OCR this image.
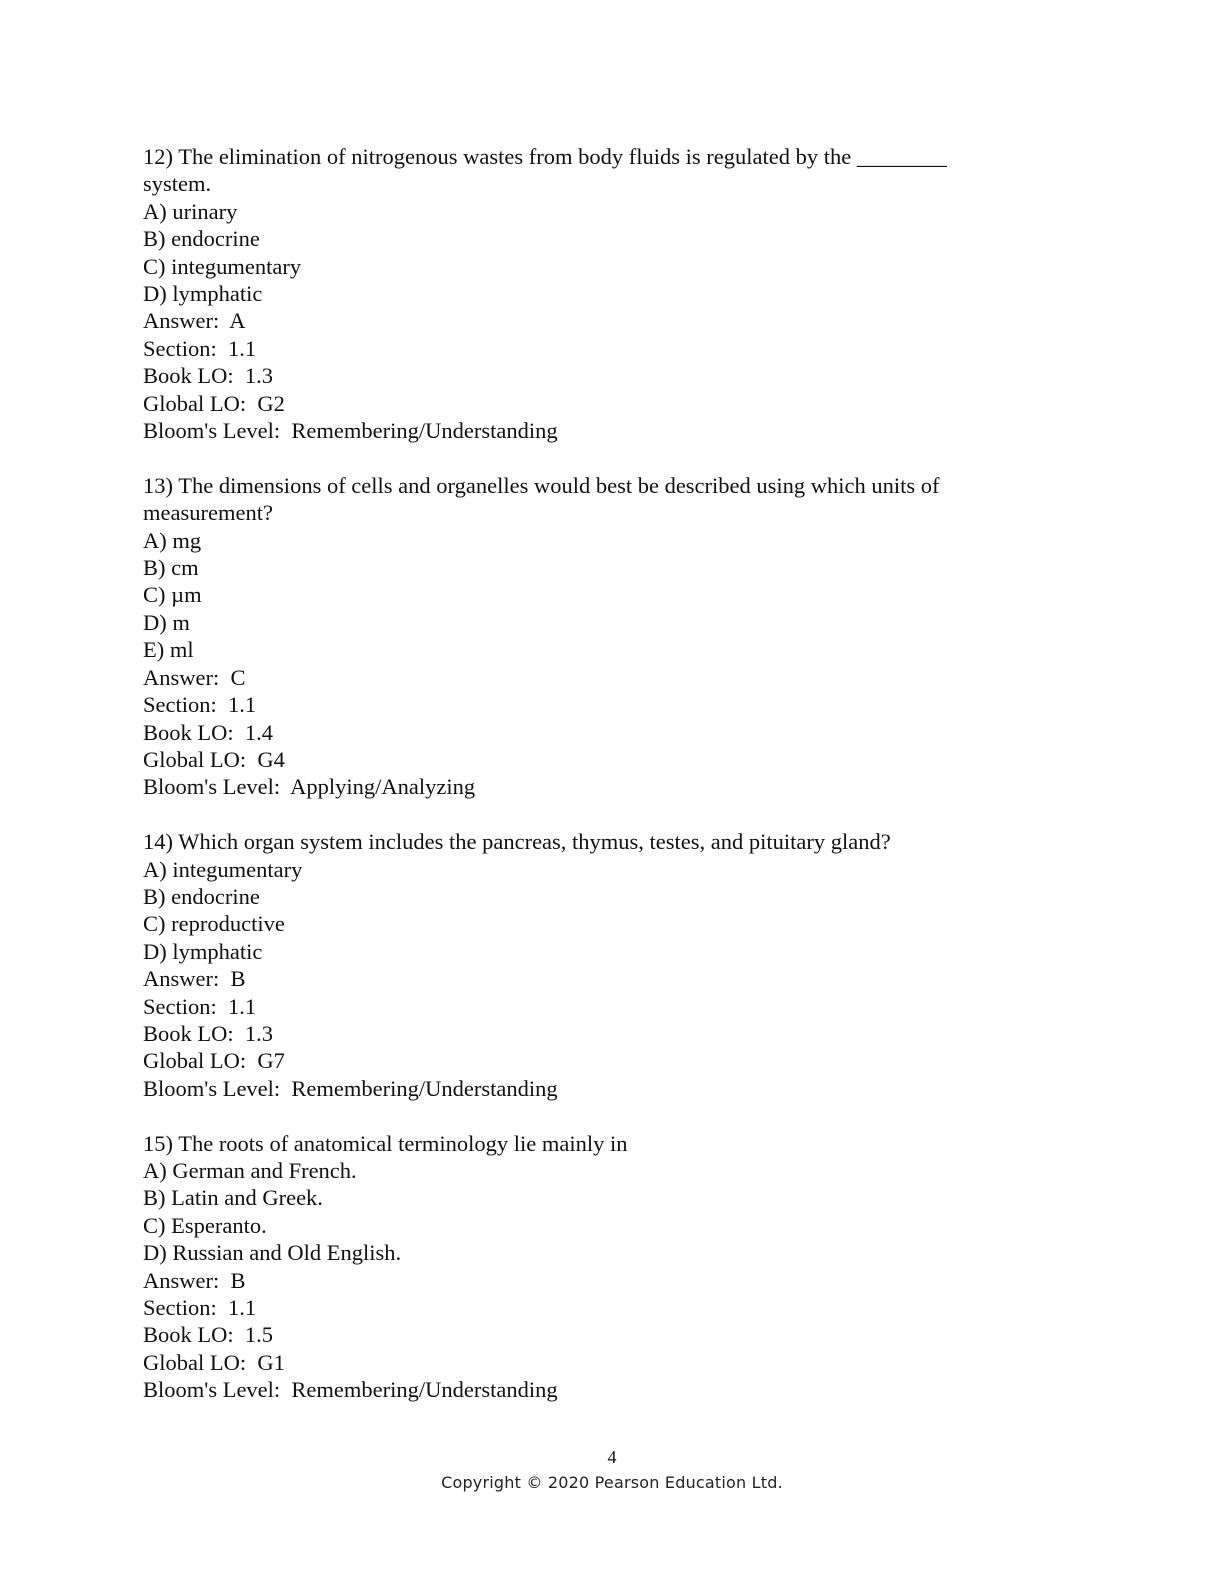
12) The elimination of nitrogenous wastes from body fluids is regulated by the ________
system.
A) urinary
B) endocrine
C) integumentary
D) lymphatic
Answer:  A
Section:  1.1
Book LO:  1.3
Global LO:  G2
Bloom's Level:  Remembering/Understanding
13) The dimensions of cells and organelles would best be described using which units of
measurement?
A) mg
B) cm
C) µm
D) m
E) ml
Answer:  C
Section:  1.1
Book LO:  1.4
Global LO:  G4
Bloom's Level:  Applying/Analyzing
14) Which organ system includes the pancreas, thymus, testes, and pituitary gland?
A) integumentary
B) endocrine
C) reproductive
D) lymphatic
Answer:  B
Section:  1.1
Book LO:  1.3
Global LO:  G7
Bloom's Level:  Remembering/Understanding
15) The roots of anatomical terminology lie mainly in
A) German and French.
B) Latin and Greek.
C) Esperanto.
D) Russian and Old English.
Answer:  B
Section:  1.1
Book LO:  1.5
Global LO:  G1
Bloom's Level:  Remembering/Understanding
4
Copyright © 2020 Pearson Education Ltd.
